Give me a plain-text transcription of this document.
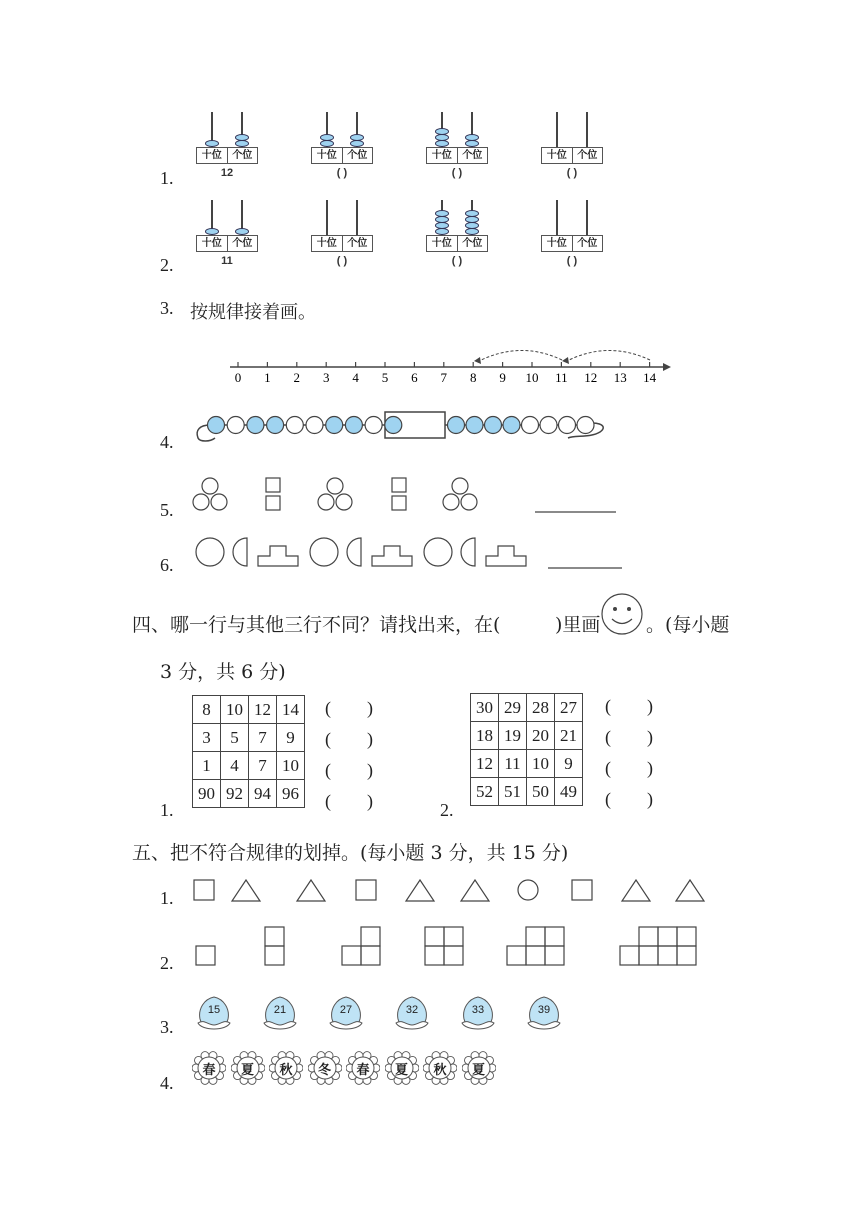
1.
2.
3. 按规律接着画。
4.
5.
6.
十位	个位
12
十位	个位
( )
十位	个位
( )
十位	个位
( )
十位	个位
11
十位	个位
( )
十位	个位
( )
十位	个位
( )
0 1 2 3 4 5 6 7 8 9 10 11 12 13 14
四、哪一行与其他三行不同？请找出来，在(	)里画 。(每小题
3 分，共 6 分)
1.
8	10	12	14
3	5	7	9
1	4	7	10
90	92	94	96
(        )
(        )
(        )
(        )	2.
30	29	28	27
18	19	20	21
12	11	10	9
52	51	50	49
(        )
(        )
(        )
(        )
五、把不符合规律的划掉。(每小题 3 分，共 15 分)
1.
2.
3.
15	21	27	32	33	39
4.
春	夏	秋	冬	春	夏	秋	夏
